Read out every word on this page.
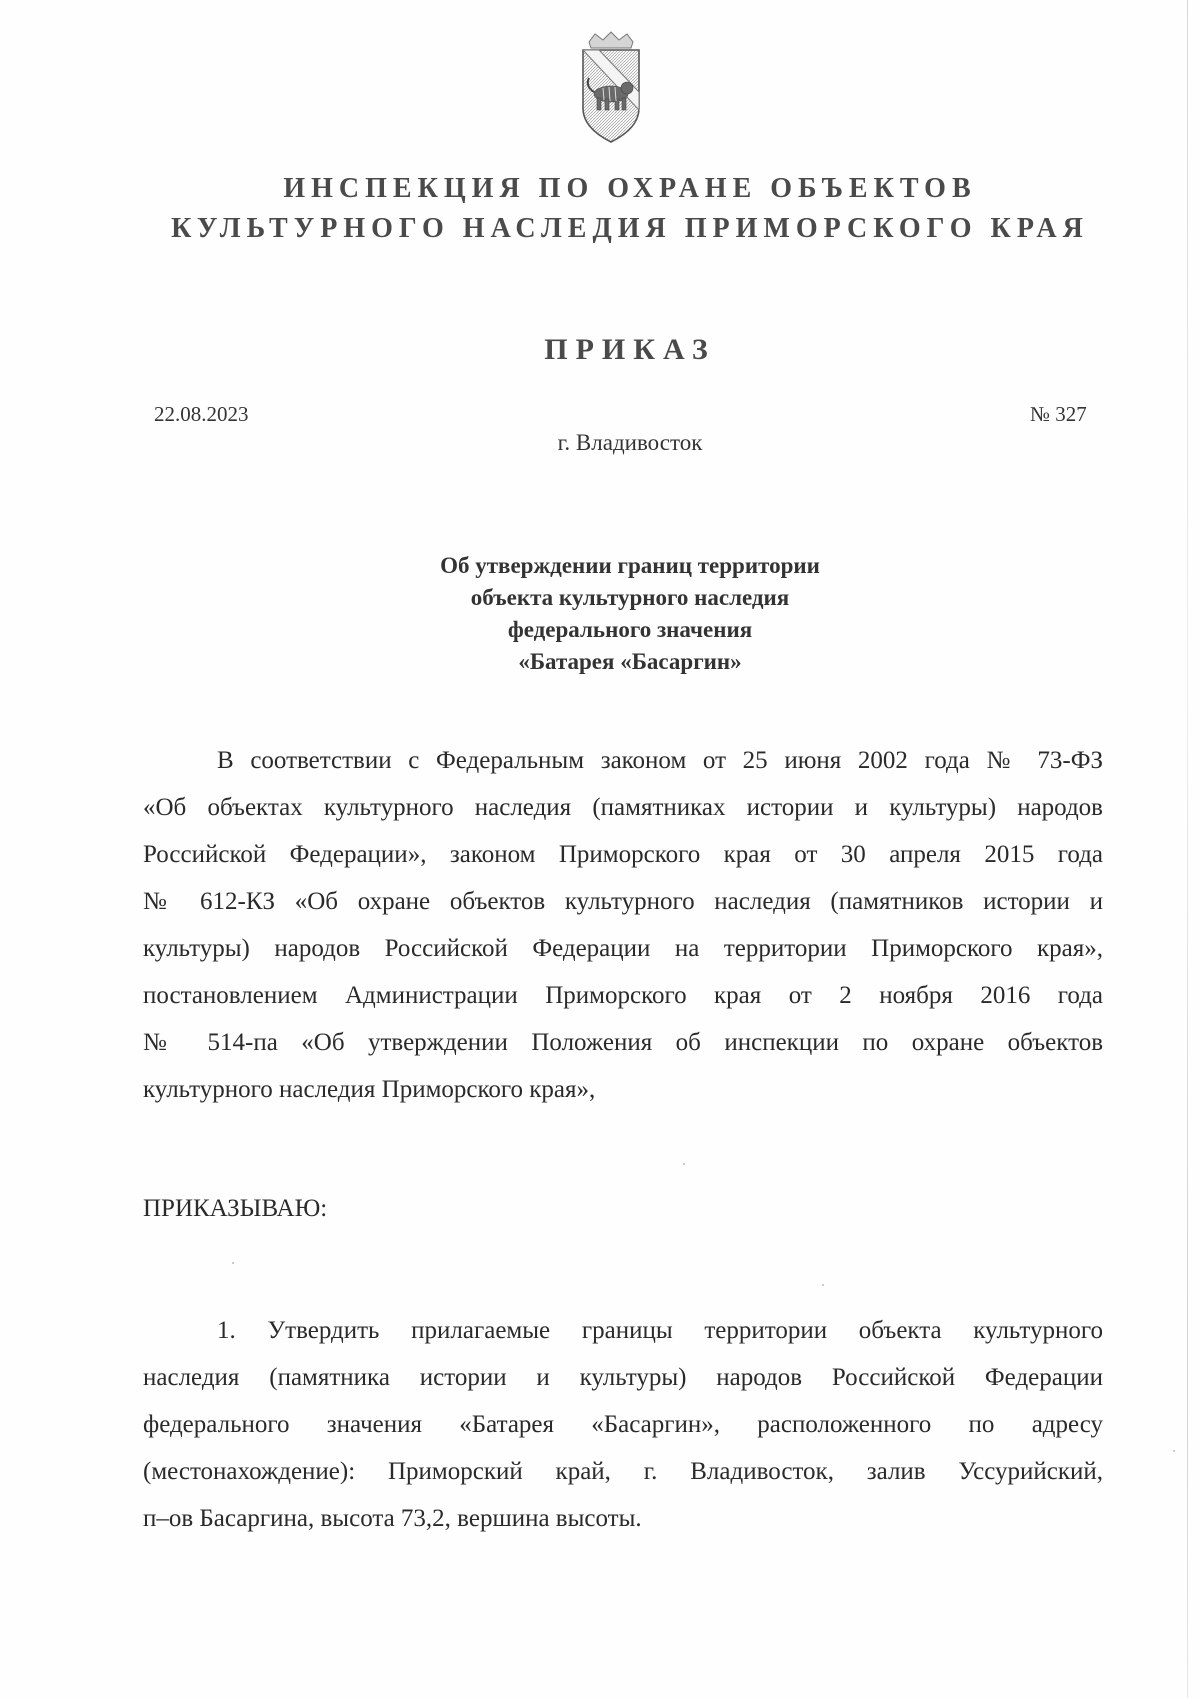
ИНСПЕКЦИЯ ПО ОХРАНЕ ОБЪЕКТОВ
КУЛЬТУРНОГО НАСЛЕДИЯ ПРИМОРСКОГО КРАЯ
ПРИКАЗ
22.08.2023	№ 327
г. Владивосток
Об утверждении границ территории
объекта культурного наследия
федерального значения
«Батарея «Басаргин»
В соответствии с Федеральным законом от 25 июня 2002 года № 73-ФЗ
«Об объектах культурного наследия (памятниках истории и культуры) народов
Российской Федерации», законом Приморского края от 30 апреля 2015 года
№ 612-КЗ «Об охране объектов культурного наследия (памятников истории и
культуры) народов Российской Федерации на территории Приморского края»,
постановлением Администрации Приморского края от 2 ноября 2016 года
№ 514-па «Об утверждении Положения об инспекции по охране объектов
культурного наследия Приморского края»,
ПРИКАЗЫВАЮ:
1. Утвердить прилагаемые границы территории объекта культурного
наследия (памятника истории и культуры) народов Российской Федерации
федерального значения «Батарея «Басаргин», расположенного по адресу
(местонахождение): Приморский край, г. Владивосток, залив Уссурийский,
п–ов Басаргина, высота 73,2, вершина высоты.
